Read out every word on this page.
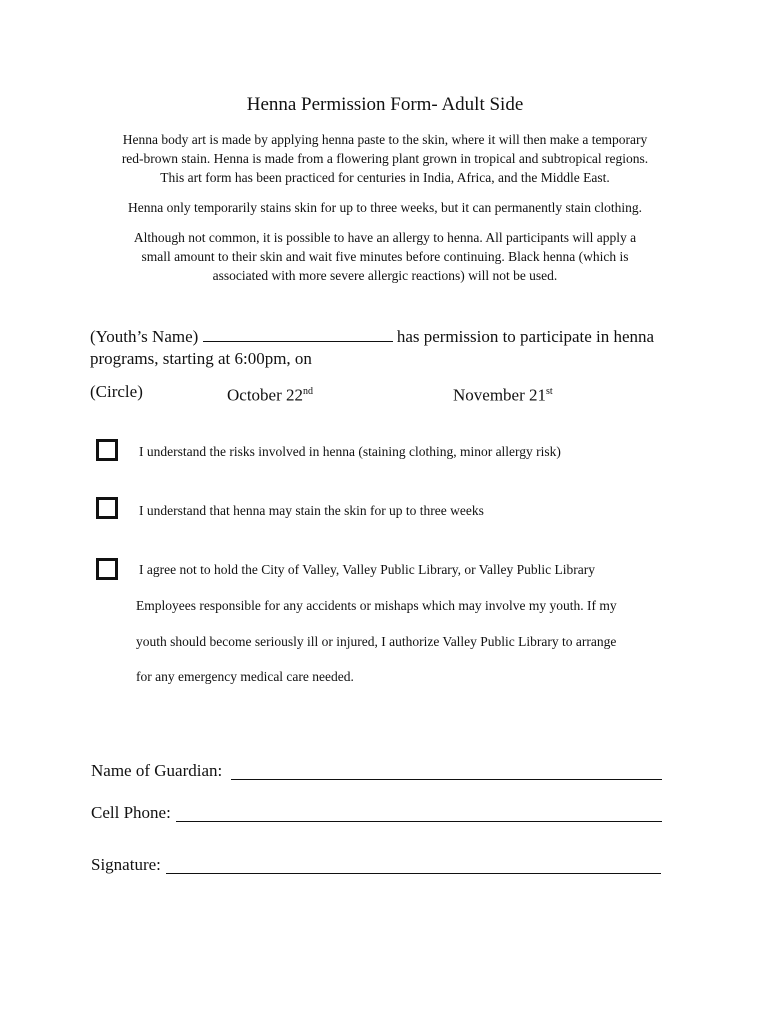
Henna Permission Form- Adult Side
Henna body art is made by applying henna paste to the skin, where it will then make a temporary
red-brown stain. Henna is made from a flowering plant grown in tropical and subtropical regions.
This art form has been practiced for centuries in India, Africa, and the Middle East.
Henna only temporarily stains skin for up to three weeks, but it can permanently stain clothing.
Although not common, it is possible to have an allergy to henna. All participants will apply a
small amount to their skin and wait five minutes before continuing. Black henna (which is
associated with more severe allergic reactions) will not be used.
(Youth’s Name)	has permission to participate in henna
programs, starting at 6:00pm, on
(Circle)	October 22nd	November 21st
I understand the risks involved in henna (staining clothing, minor allergy risk)
I understand that henna may stain the skin for up to three weeks
I agree not to hold the City of Valley, Valley Public Library, or Valley Public Library
Employees responsible for any accidents or mishaps which may involve my youth. If my
youth should become seriously ill or injured, I authorize Valley Public Library to arrange
for any emergency medical care needed.
Name of Guardian:
Cell Phone:
Signature:
